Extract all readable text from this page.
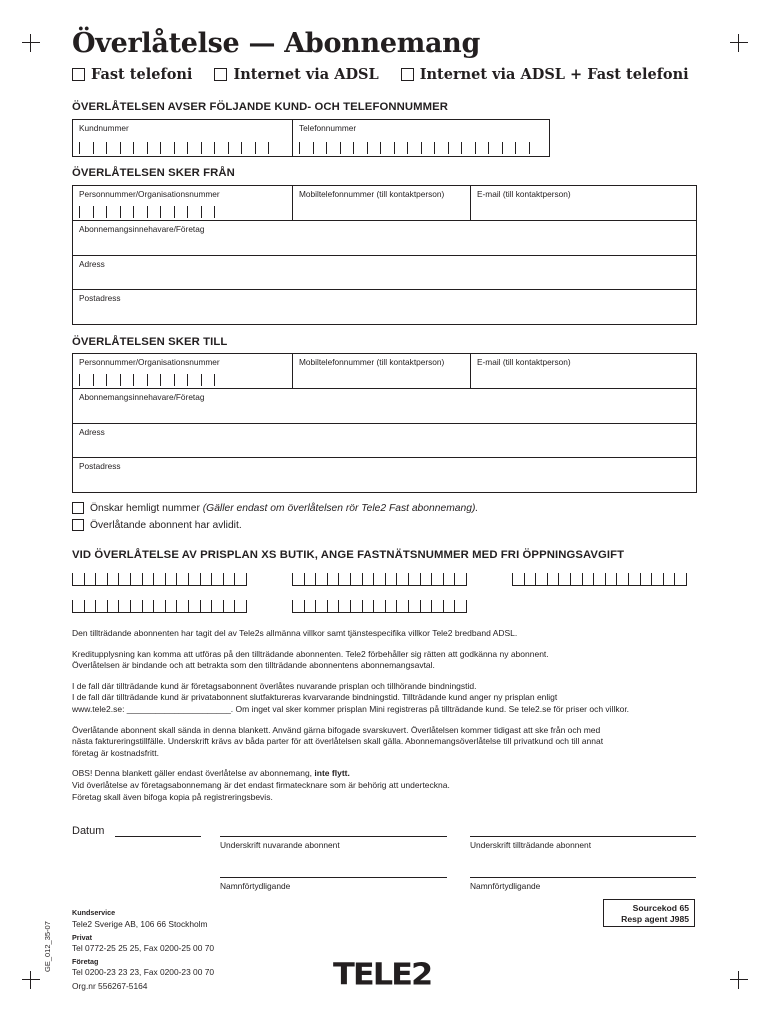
Överlåtelse — Abonnemang
Fast telefoni	Internet via ADSL	Internet via ADSL + Fast telefoni
ÖVERLÅTELSEN AVSER FÖLJANDE KUND- OCH TELEFONNUMMER
Kundnummer	Telefonnummer
ÖVERLÅTELSEN SKER FRÅN
Personnummer/Organisationsnummer	Mobiltelefonnummer (till kontaktperson)	E-mail (till kontaktperson)
Abonnemangsinnehavare/Företag
Adress
Postadress
ÖVERLÅTELSEN SKER TILL
Personnummer/Organisationsnummer	Mobiltelefonnummer (till kontaktperson)	E-mail (till kontaktperson)
Abonnemangsinnehavare/Företag
Adress
Postadress
Önskar hemligt nummer
(Gäller endast om överlåtelsen rör Tele2 Fast abonnemang).
Överlåtande abonnent har avlidit.
VID ÖVERLÅTELSE AV PRISPLAN XS BUTIK, ANGE FASTNÄTSNUMMER MED FRI ÖPPNINGSAVGIFT

Den tillträdande abonnenten har tagit del av Tele2s allmänna villkor samt tjänstespecifika villkor Tele2 bredband ADSL.

Kreditupplysning kan komma att utföras på den tillträdande abonnenten. Tele2 förbehåller sig rätten att godkänna ny abonnent.

Överlåtelsen är bindande och att betrakta som den tillträdande abonnentens abonnemangsavtal.

I de fall där tillträdande kund är företagsabonnent överlåtes nuvarande prisplan och tillhörande bindningstid.

I de fall där tillträdande kund är privatabonnent slutfaktureras kvarvarande bindningstid. Tillträdande kund anger ny prisplan enligt

www.tele2.se: ______________________. Om inget val sker kommer prisplan Mini registreras på tillträdande kund. Se tele2.se för priser och villkor.

Överlåtande abonnent skall sända in denna blankett. Använd gärna bifogade svarskuvert. Överlåtelsen kommer tidigast att ske från och med

nästa faktureringstillfälle. Underskrift krävs av båda parter för att överlåtelsen skall gälla. Abonnemangsöverlåtelse till privatkund och till annat

företag är kostnadsfritt.

OBS! Denna blankett gäller endast överlåtelse av abonnemang, inte flytt.

Vid överlåtelse av företagsabonnemang är det endast firmatecknare som är behörig att underteckna.

Företag skall även bifoga kopia på registreringsbevis.

Datum
Underskrift nuvarande abonnent	Underskrift tillträdande abonnent
Namnförtydligande	Namnförtydligande
Sourcekod 65
Resp agent J985
Kundservice
Tele2 Sverige AB, 106 66 Stockholm
Privat
Tel 0772-25 25 25, Fax 0200-25 00 70
Företag
Tel 0200-23 23 23, Fax 0200-23 00 70
Org.nr 556267-5164
GE_012_35-07
TELE2
